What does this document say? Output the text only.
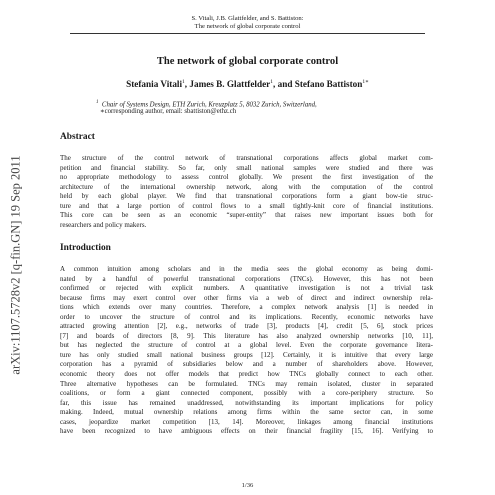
S. Vitali, J.B. Glattfelder, and S. Battiston:
The network of global corporate control
arXiv:1107.5728v2 [q-fin.GN] 19 Sep 2011
The network of global corporate control
Stefania Vitali$^1$, James B. Glattfelder$^1$, and Stefano Battiston$^{1∗}$
$^1$ Chair of Systems Design, ETH Zurich, Kreuzplatz 5, 8032 Zurich, Switzerland,
∗corresponding author, email: sbattiston@ethz.ch
Abstract
The structure of the control network of transnational corporations affects global market com-
petition and financial stability. So far, only small national samples were studied and there was
no appropriate methodology to assess control globally. We present the first investigation of the
architecture of the international ownership network, along with the computation of the control
held by each global player. We find that transnational corporations form a giant bow-tie struc-
ture and that a large portion of control flows to a small tightly-knit core of financial institutions.
This core can be seen as an economic “super-entity” that raises new important issues both for
researchers and policy makers.
Introduction
A common intuition among scholars and in the media sees the global economy as being domi-
nated by a handful of powerful transnational corporations (TNCs). However, this has not been
confirmed or rejected with explicit numbers. A quantitative investigation is not a trivial task
because firms may exert control over other firms via a web of direct and indirect ownership rela-
tions which extends over many countries. Therefore, a complex network analysis [1] is needed in
order to uncover the structure of control and its implications. Recently, economic networks have
attracted growing attention [2], e.g., networks of trade [3], products [4], credit [5, 6], stock prices
[7] and boards of directors [8, 9]. This literature has also analyzed ownership networks [10, 11],
but has neglected the structure of control at a global level. Even the corporate governance litera-
ture has only studied small national business groups [12]. Certainly, it is intuitive that every large
corporation has a pyramid of subsidiaries below and a number of shareholders above. However,
economic theory does not offer models that predict how TNCs globally connect to each other.
Three alternative hypotheses can be formulated. TNCs may remain isolated, cluster in separated
coalitions, or form a giant connected component, possibly with a core-periphery structure. So
far, this issue has remained unaddressed, notwithstanding its important implications for policy
making. Indeed, mutual ownership relations among firms within the same sector can, in some
cases, jeopardize market competition [13, 14]. Moreover, linkages among financial institutions
have been recognized to have ambiguous effects on their financial fragility [15, 16]. Verifying to
1/36
